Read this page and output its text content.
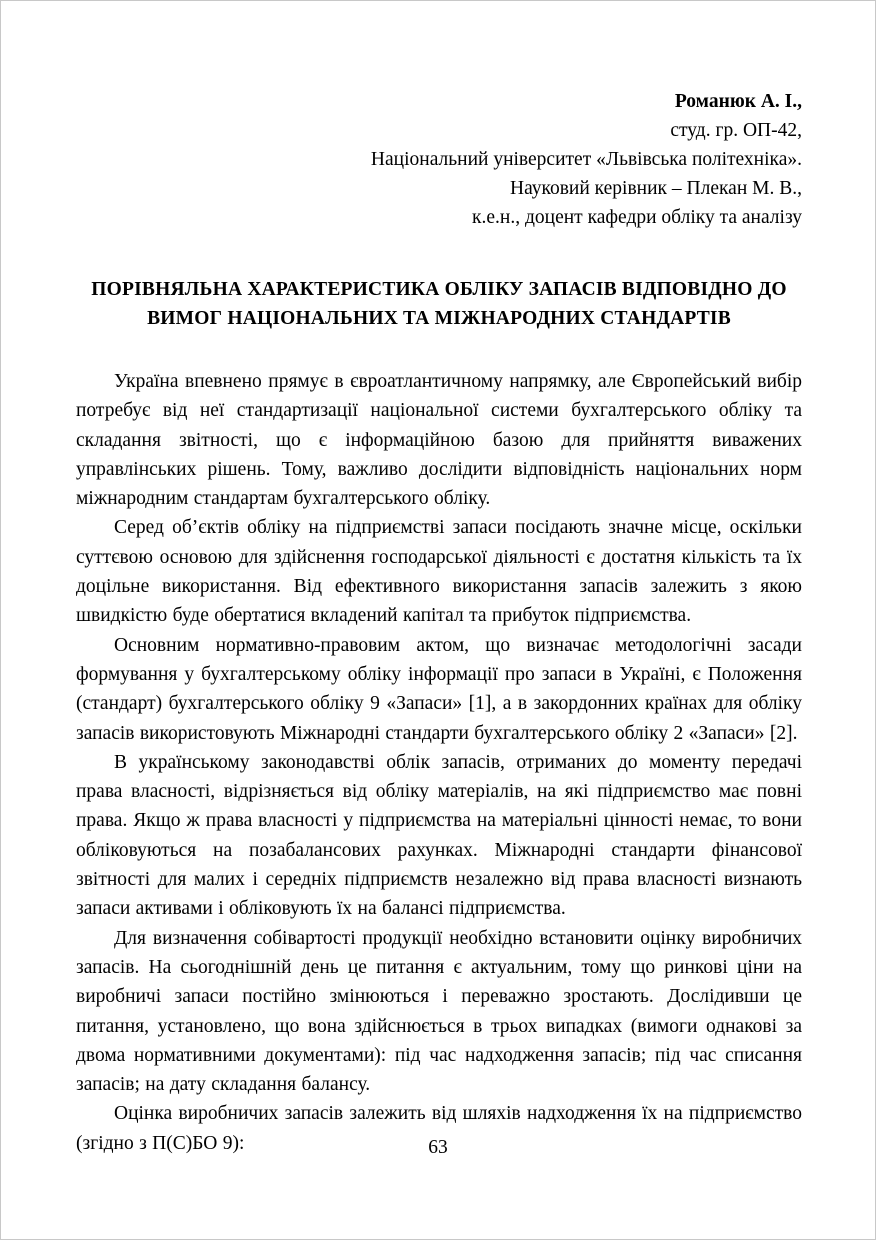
Романюк А. І.,
студ. гр. ОП-42,
Національний університет «Львівська політехніка».
Науковий керівник – Плекан М. В.,
к.е.н., доцент кафедри обліку та аналізу
ПОРІВНЯЛЬНА ХАРАКТЕРИСТИКА ОБЛІКУ ЗАПАСІВ ВІДПОВІДНО ДО ВИМОГ НАЦІОНАЛЬНИХ ТА МІЖНАРОДНИХ СТАНДАРТІВ

Україна впевнено прямує в євроатлантичному напрямку, але Європейський вибір потребує від неї стандартизації національної системи бухгалтерського обліку та складання звітності, що є інформаційною базою для прийняття виважених управлінських рішень. Тому, важливо дослідити відповідність національних норм міжнародним стандартам бухгалтерського обліку.

Серед об’єктів обліку на підприємстві запаси посідають значне місце, оскільки суттєвою основою для здійснення господарської діяльності є достатня кількість та їх доцільне використання. Від ефективного використання запасів залежить з якою швидкістю буде обертатися вкладений капітал та прибуток підприємства.

Основним нормативно-правовим актом, що визначає методологічні засади формування у бухгалтерському обліку інформації про запаси в Україні, є Положення (стандарт) бухгалтерського обліку 9 «Запаси» [1], а в закордонних країнах для обліку запасів використовують Міжнародні стандарти бухгалтерського обліку 2 «Запаси» [2].

В українському законодавстві облік запасів, отриманих до моменту передачі права власності, відрізняється від обліку матеріалів, на які підприємство має повні права. Якщо ж права власності у підприємства на матеріальні цінності немає, то вони обліковуються на позабалансових рахунках. Міжнародні стандарти фінансової звітності для малих і середніх підприємств незалежно від права власності визнають запаси активами і обліковують їх на балансі підприємства.

Для визначення собівартості продукції необхідно встановити оцінку виробничих запасів. На сьогоднішній день це питання є актуальним, тому що ринкові ціни на виробничі запаси постійно змінюються і переважно зростають. Дослідивши це питання, установлено, що вона здійснюється в трьох випадках (вимоги однакові за двома нормативними документами): під час надходження запасів; під час списання запасів; на дату складання балансу.

Оцінка виробничих запасів залежить від шляхів надходження їх на підприємство (згідно з П(С)БО 9):	63
